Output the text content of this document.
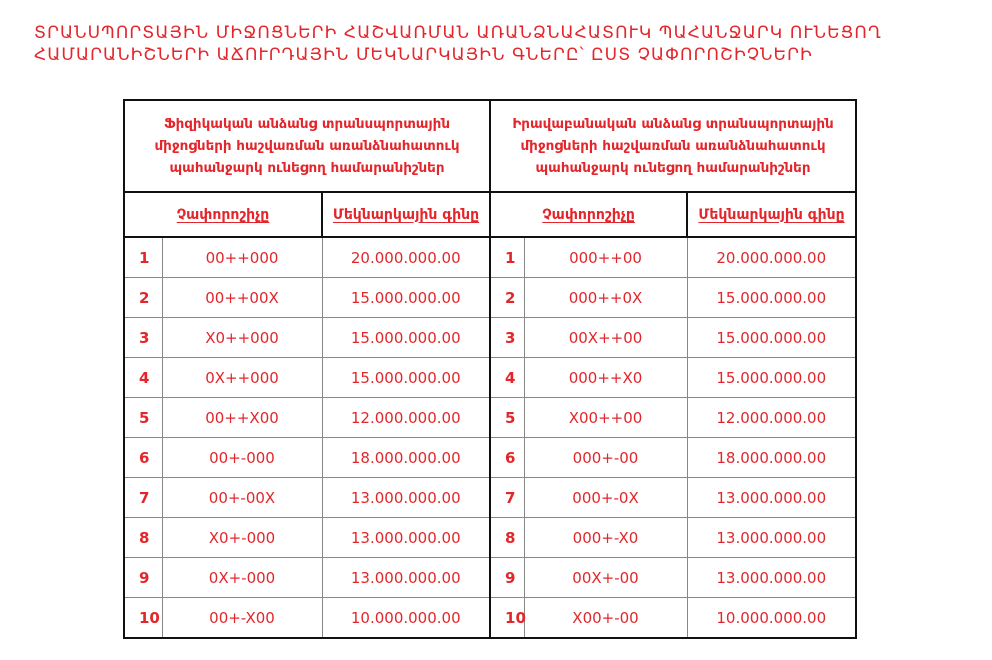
ՏՐԱՆՍՊՈՐՏԱՅԻՆ ՄԻՋՈՑՆԵՐԻ ՀԱՇՎԱՌՄԱՆ ԱՌԱՆՁՆԱՀԱՏՈՒԿ ՊԱՀԱՆՋԱՐԿ ՈՒՆԵՑՈՂ
ՀԱՄԱՐԱՆԻՇՆԵՐԻ ԱՃՈՒՐԴԱՅԻՆ ՄԵԿՆԱՐԿԱՅԻՆ ԳՆԵՐԸ՝ ԸՍՏ ՉԱՓՈՐՈՇԻՉՆԵՐԻ
Ֆիզիկական անձանց տրանսպորտային միջոցների հաշվառման առանձնահատուկ պահանջարկ ունեցող համարանիշներ			Իրավաբանական անձանց տրանսպորտային միջոցների հաշվառման առանձնահատուկ պահանջարկ ունեցող համարանիշներ		

Չափորոշիչը		Մեկնարկային գինը	Չափորոշիչը		Մեկնարկային գինը
1	00++000	20.000.000.00	1	000++00	20.000.000.00
2	00++00X	15.000.000.00	2	000++0X	15.000.000.00
3	X0++000	15.000.000.00	3	00X++00	15.000.000.00
4	0X++000	15.000.000.00	4	000++X0	15.000.000.00
5	00++X00	12.000.000.00	5	X00++00	12.000.000.00
6	00+-000	18.000.000.00	6	000+-00	18.000.000.00
7	00+-00X	13.000.000.00	7	000+-0X	13.000.000.00
8	X0+-000	13.000.000.00	8	000+-X0	13.000.000.00
9	0X+-000	13.000.000.00	9	00X+-00	13.000.000.00
10	00+-X00	10.000.000.00	10	X00+-00	10.000.000.00
